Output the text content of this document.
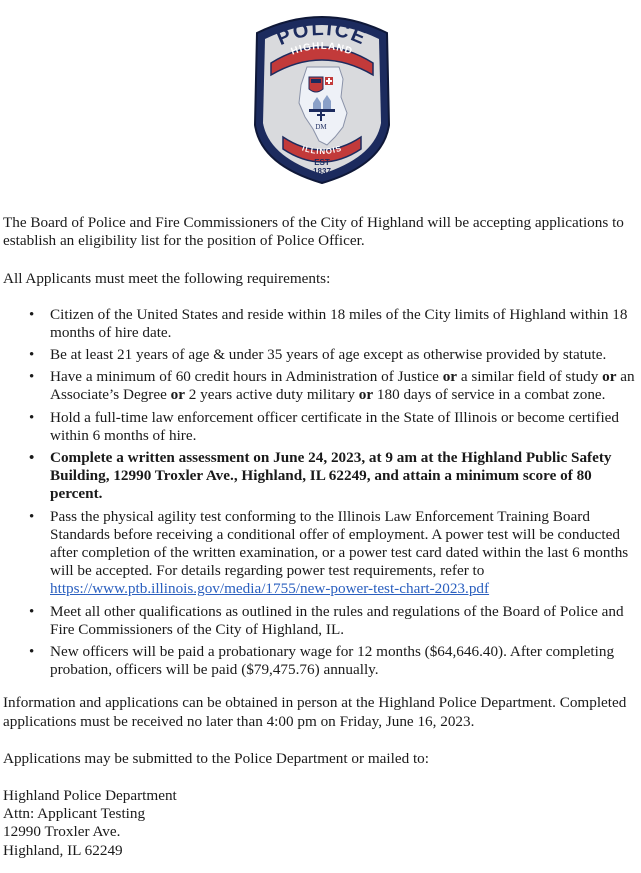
POLICE
HIGHLAND
DM
ILLINOIS
EST
1837

The Board of Police and Fire Commissioners of the City of Highland will be accepting applications to establish an eligibility list for the position of Police Officer.

All Applicants must meet the following requirements:

• Citizen of the United States and reside within 18 miles of the City limits of Highland within 18 months of hire date.
• Be at least 21 years of age & under 35 years of age except as otherwise provided by statute.
• Have a minimum of 60 credit hours in Administration of Justice or a similar field of study or an Associate’s Degree or 2 years active duty military or 180 days of service in a combat zone.
• Hold a full-time law enforcement officer certificate in the State of Illinois or become certified within 6 months of hire.
• Complete a written assessment on June 24, 2023, at 9 am at the Highland Public Safety Building, 12990 Troxler Ave., Highland, IL 62249, and attain a minimum score of 80 percent.
• Pass the physical agility test conforming to the Illinois Law Enforcement Training Board Standards before receiving a conditional offer of employment. A power test will be conducted after completion of the written examination, or a power test card dated within the last 6 months will be accepted. For details regarding power test requirements, refer to https://www.ptb.illinois.gov/media/1755/new-power-test-chart-2023.pdf
• Meet all other qualifications as outlined in the rules and regulations of the Board of Police and Fire Commissioners of the City of Highland, IL.
• New officers will be paid a probationary wage for 12 months ($64,646.40). After completing probation, officers will be paid ($79,475.76) annually.

Information and applications can be obtained in person at the Highland Police Department. Completed applications must be received no later than 4:00 pm on Friday, June 16, 2023.

Applications may be submitted to the Police Department or mailed to:

Highland Police Department

Attn: Applicant Testing

12990 Troxler Ave.

Highland, IL 62249
